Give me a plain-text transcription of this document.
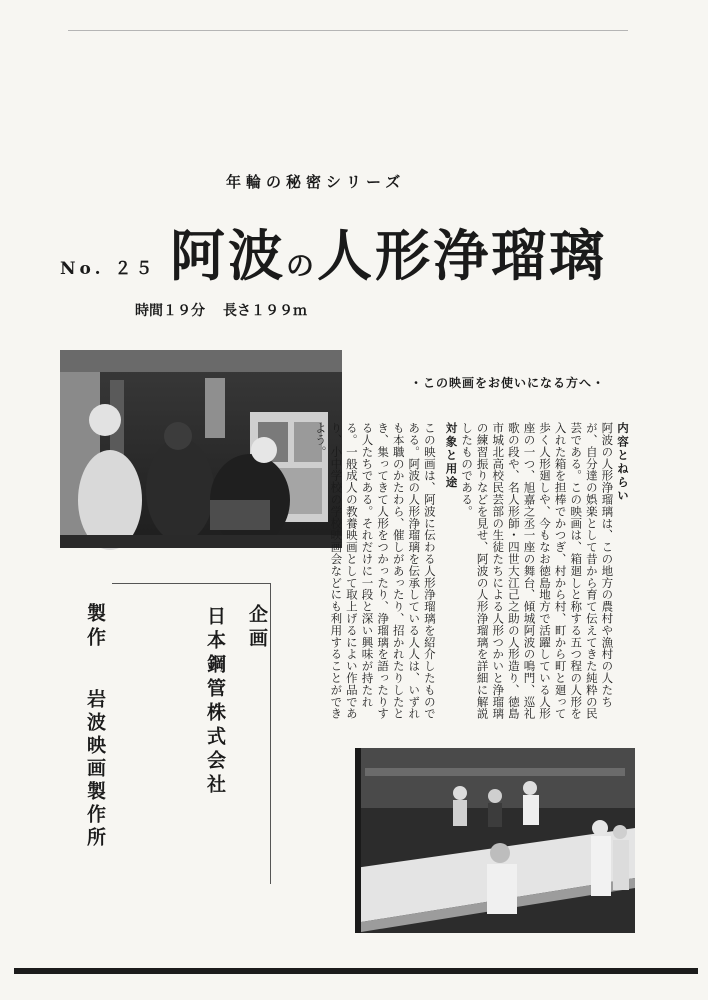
年輪の秘密シリーズ
No. ２５ 阿波の人形浄瑠璃
時間１９分 長さ１９９ｍ
・この映画をお使いになる方へ・

内容とねらい

阿波の人形浄瑠璃は、この地方の農村や漁村の人たちが、自分達の娯楽として昔から育て伝えてきた純粋の民芸である。この映画は、箱廻しと称する五つ程の人形を入れた箱を担棒でかつぎ、村から村、町から町と廻って歩く人形廻しや、今もなお徳島地方で活躍している人形座の一つ、旭嘉之丞一座の舞台、傾城阿波の鳴門、巡礼歌の段や、名人形師・四世大江己之助の人形造り、徳島市城北高校民芸部の生徒たちによる人形つかいと浄瑠璃の練習振りなどを見せ、阿波の人形浄瑠璃を詳細に解説したものである。

対象と用途

この映画は、阿波に伝わる人形浄瑠璃を紹介したものである。阿波の人形浄瑠璃を伝承している人人は、いずれも本職のかたわら、催しがあったり、招かれたりしたとき、集ってきて人形をつかったり、浄瑠璃を語ったりする人たちである。それだけに一段と深い興味が持たれる。一般成人の教養映画として取上げるによい作品であり、小中学校の学校映画会などにも利用することができよう。

企画
日本鋼管株式会社
製作
岩波映画製作所
